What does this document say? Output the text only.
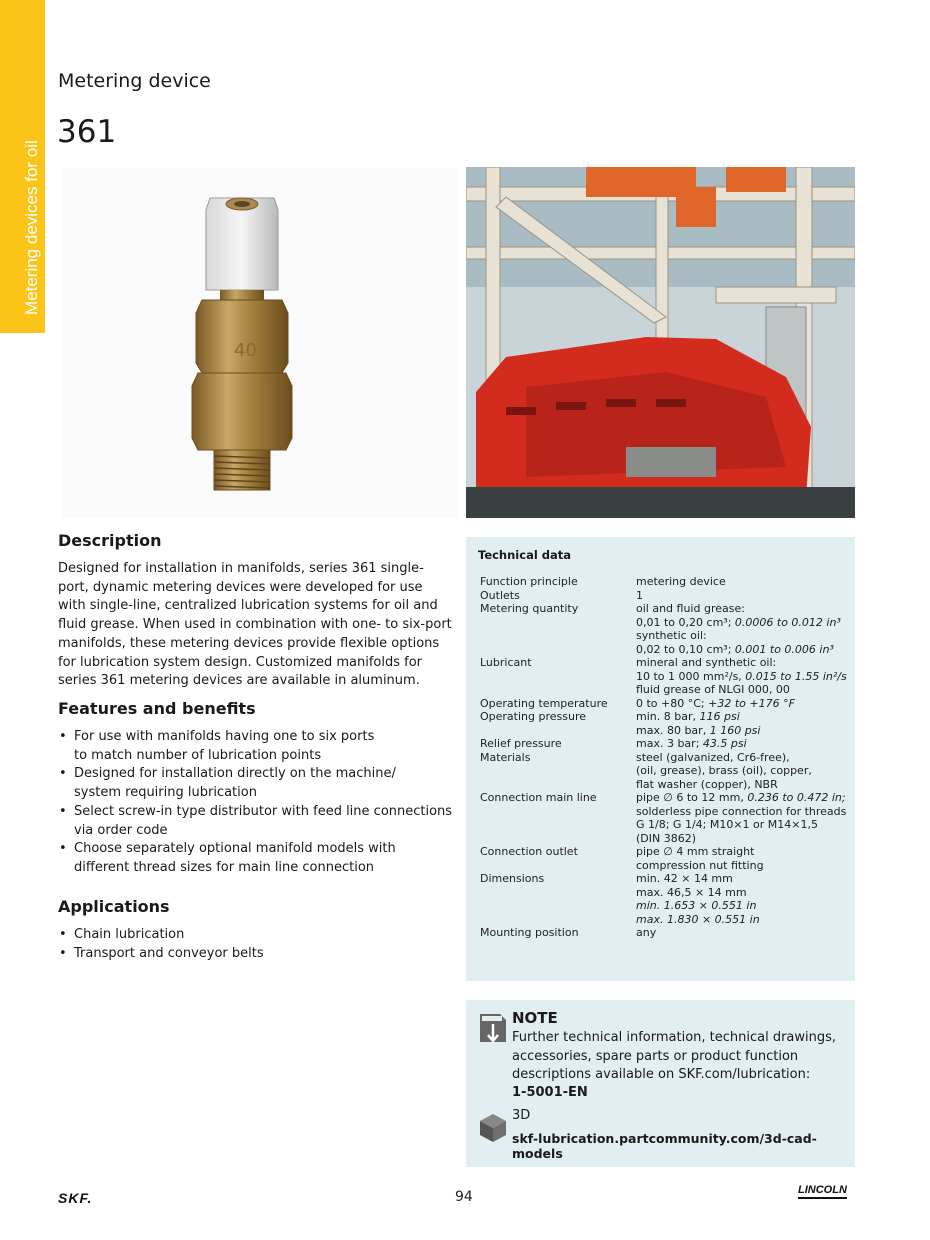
Metering devices for oil
Metering device
361
40
Description
Designed for installation in manifolds, series 361 single-port, dynamic metering devices were developed for use with single-line, centralized lubrication systems for oil and fluid grease. When used in combination with one- to six-port manifolds, these metering devices provide flexible options for lubrication system design. Customized manifolds for series 361 metering devices are available in aluminum.
Features and benefits
• For use with manifolds having one to six ports
to match number of lubrication points
• Designed for installation directly on the machine/
system requiring lubrication
• Select screw-in type distributor with feed line connections
via order code
• Choose separately optional manifold models with
different thread sizes for main line connection
Applications
• Chain lubrication
• Transport and conveyor belts
Technical data
Function principle	metering device

Outlets	1

Metering quantity	oil and fluid grease:
0,01 to 0,20 cm³; 0.0006 to 0.012 in³
synthetic oil:
0,02 to 0,10 cm³; 0.001 to 0.006 in³

Lubricant	mineral and synthetic oil:
10 to 1 000 mm²/s, 0.015 to 1.55 in²/s
fluid grease of NLGI 000, 00

Operating temperature	0 to +80 °C; +32 to +176 °F

Operating pressure	min. 8 bar, 116 psi
max. 80 bar, 1 160 psi

Relief pressure	max. 3 bar; 43.5 psi

Materials	steel (galvanized, Cr6-free),
(oil, grease), brass (oil), copper,
flat washer (copper), NBR

Connection main line	pipe ∅ 6 to 12 mm, 0.236 to 0.472 in;
solderless pipe connection for threads
G 1/8; G 1/4; M10×1 or M14×1,5
(DIN 3862)

Connection outlet	pipe ∅ 4 mm straight
compression nut fitting

Dimensions	min. 42 × 14 mm
max. 46,5 × 14 mm
min. 1.653 × 0.551 in
max. 1.830 × 0.551 in

Mounting position	any
NOTE
Further technical information, technical drawings, accessories, spare parts or product function descriptions available on SKF.com/lubrication:
1-5001-EN
3D
skf-lubrication.partcommunity.com/3d-cad-models
SKF.	94	LINCOLN
